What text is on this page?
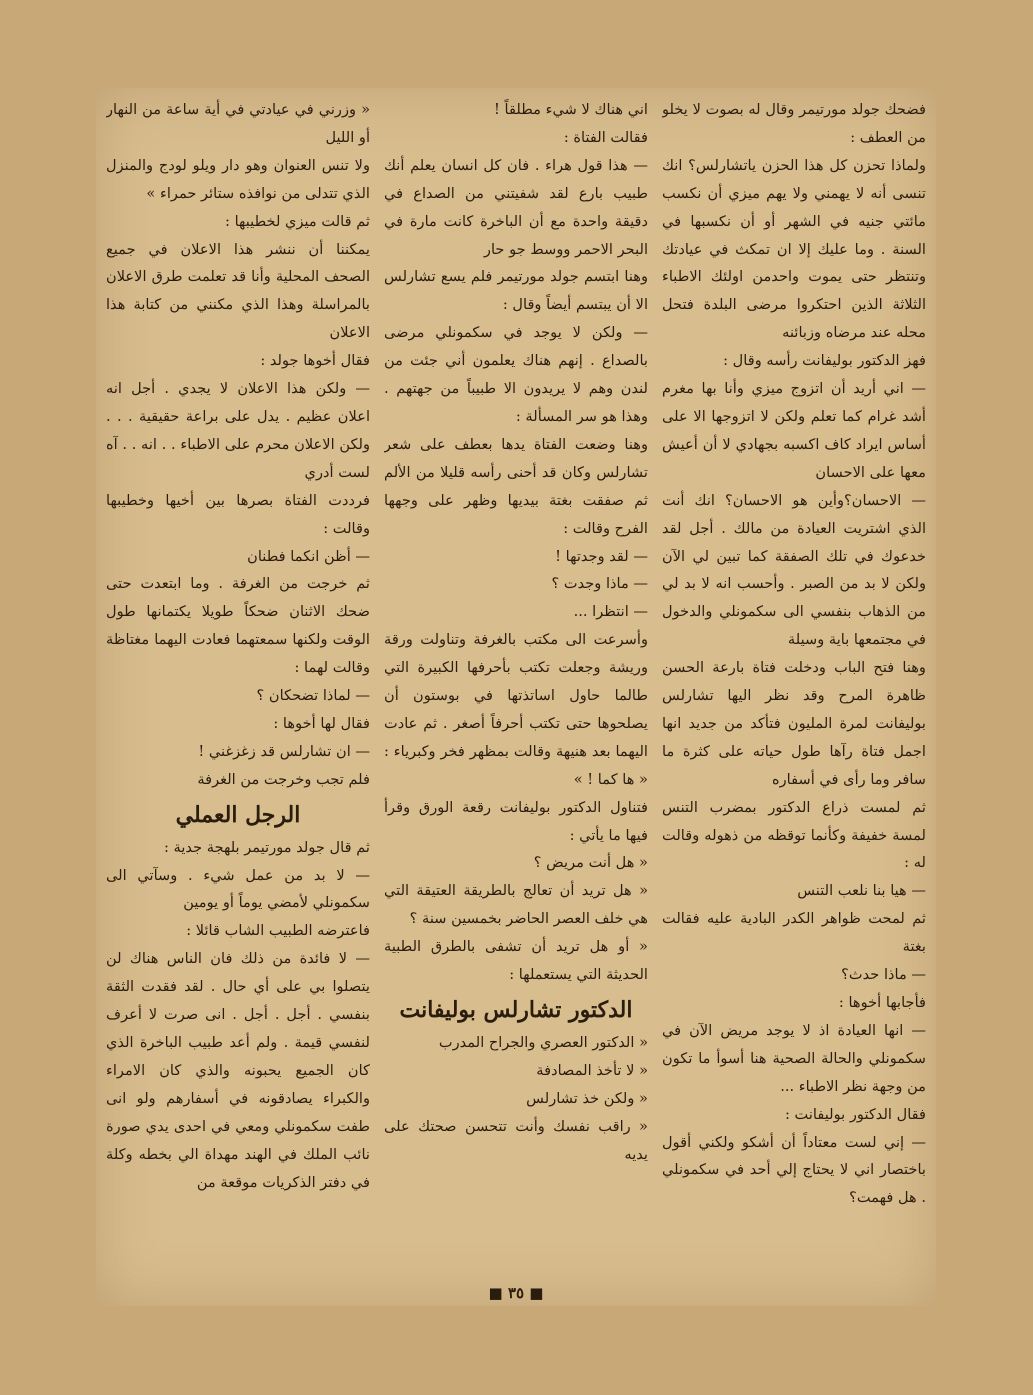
فضحك جولد مورتيمر وقال له بصوت لا يخلو من العطف :

ولماذا تحزن كل هذا الحزن ياتشارلس؟ انك تنسى أنه لا يهمني ولا يهم ميزي أن نكسب مائتي جنيه في الشهر أو أن نكسبها في السنة . وما عليك إلا ان تمكث في عيادتك وتنتظر حتى يموت واحدمن اولئك الاطباء الثلاثة الذين احتكروا مرضى البلدة فتحل محله عند مرضاه وزبائنه

فهز الدكتور بوليفانت رأسه وقال :

— اني أريد أن اتزوج ميزي وأنا بها مغرم أشد غرام كما تعلم ولكن لا اتزوجها الا على أساس ايراد كاف اكسبه بجهادي لا أن أعيش معها على الاحسان

— الاحسان؟وأين هو الاحسان؟ انك أنت الذي اشتريت العيادة من مالك . أجل لقد خدعوك في تلك الصفقة كما تبين لي الآن ولكن لا بد من الصبر . وأحسب انه لا بد لي من الذهاب بنفسي الى سكمونلي والدخول في مجتمعها باية وسيلة

وهنا فتح الباب ودخلت فتاة بارعة الحسن ظاهرة المرح وقد نظر اليها تشارلس بوليفانت لمرة المليون فتأكد من جديد انها اجمل فتاة رآها طول حياته على كثرة ما سافر وما رأى في أسفاره

ثم لمست ذراع الدكتور بمضرب التنس لمسة خفيفة وكأنما توقظه من ذهوله وقالت له :

— هيا بنا نلعب التنس

ثم لمحت ظواهر الكدر البادية عليه فقالت بغتة

— ماذا حدث؟

فأجابها أخوها :

— انها العيادة اذ لا يوجد مريض الآن في سكمونلي والحالة الصحية هنا أسوأ ما تكون من وجهة نظر الاطباء ...

فقال الدكتور بوليفانت :

— إني لست معتاداً أن أشكو ولكني أقول باختصار اني لا يحتاج إلي أحد في سكمونلي . هل فهمت؟

اني هناك لا شيء مطلقاً !

فقالت الفتاة :

— هذا قول هراء . فان كل انسان يعلم أنك طبيب بارع لقد شفيتني من الصداع في دقيقة واحدة مع أن الباخرة كانت مارة في البحر الاحمر ووسط جو حار

وهنا ابتسم جولد مورتيمر فلم يسع تشارلس الا أن يبتسم أيضاً وقال :

— ولكن لا يوجد في سكمونلي مرضى بالصداع . إنهم هناك يعلمون أني جئت من لندن وهم لا يريدون الا طبيباً من جهتهم . وهذا هو سر المسألة :

وهنا وضعت الفتاة يدها بعطف على شعر تشارلس وكان قد أحنى رأسه قليلا من الألم ثم صفقت بغتة بيديها وظهر على وجهها الفرح وقالت :

— لقد وجدتها !

— ماذا وجدت ؟

— انتظرا ...

وأسرعت الى مكتب بالغرفة وتناولت ورقة وريشة وجعلت تكتب بأحرفها الكبيرة التي طالما حاول اساتذتها في بوستون أن يصلحوها حتى تكتب أحرفاً أصغر . ثم عادت اليهما بعد هنيهة وقالت بمظهر فخر وكبرياء : « ها كما ! »

فتناول الدكتور بوليفانت رقعة الورق وقرأ فيها ما يأتي :

« هل أنت مريض ؟

« هل تريد أن تعالج بالطريقة العتيقة التي هي خلف العصر الحاضر بخمسين سنة ؟

« أو هل تريد أن تشفى بالطرق الطبية الحديثة التي يستعملها :

الدكتور تشارلس بوليفانت

« الدكتور العصري والجراح المدرب

« لا تأخذ المصادفة

« ولكن خذ تشارلس

« راقب نفسك وأنت تتحسن صحتك على يديه

« وزرني في عيادتي في أية ساعة من النهار أو الليل

ولا تنس العنوان وهو دار ويلو لودج والمنزل الذي تتدلى من نوافذه ستائر حمراء »

ثم قالت ميزي لخطيبها :

يمكننا أن ننشر هذا الاعلان في جميع الصحف المحلية وأنا قد تعلمت طرق الاعلان بالمراسلة وهذا الذي مكنني من كتابة هذا الاعلان

فقال أخوها جولد :

— ولكن هذا الاعلان لا يجدي . أجل انه اعلان عظيم . يدل على براعة حقيقية . . . ولكن الاعلان محرم على الاطباء . . انه . . آه لست أدري

فرددت الفتاة بصرها بين أخيها وخطيبها وقالت :

— أظن انكما فطنان

ثم خرجت من الغرفة . وما ابتعدت حتى ضحك الاثنان ضحكاً طويلا يكتمانها طول الوقت ولكنها سمعتهما فعادت اليهما مغتاظة وقالت لهما :

— لماذا تضحكان ؟

فقال لها أخوها :

— ان تشارلس قد زغزغني !

فلم تجب وخرجت من الغرفة

الرجل العملي

ثم قال جولد مورتيمر بلهجة جدية :

— لا بد من عمل شيء . وسآتي الى سكمونلي لأمضي يوماً أو يومين

فاعترضه الطبيب الشاب قائلا :

— لا فائدة من ذلك فان الناس هناك لن يتصلوا بي على أي حال . لقد فقدت الثقة بنفسي . أجل . أجل . انى صرت لا أعرف لنفسي قيمة . ولم أعد طبيب الباخرة الذي كان الجميع يحبونه والذي كان الامراء والكبراء يصادقونه في أسفارهم ولو انى طفت سكمونلي ومعي في احدى يدي صورة نائب الملك في الهند مهداة الي بخطه وكلة في دفتر الذكريات موقعة من

■ ٣٥ ■
